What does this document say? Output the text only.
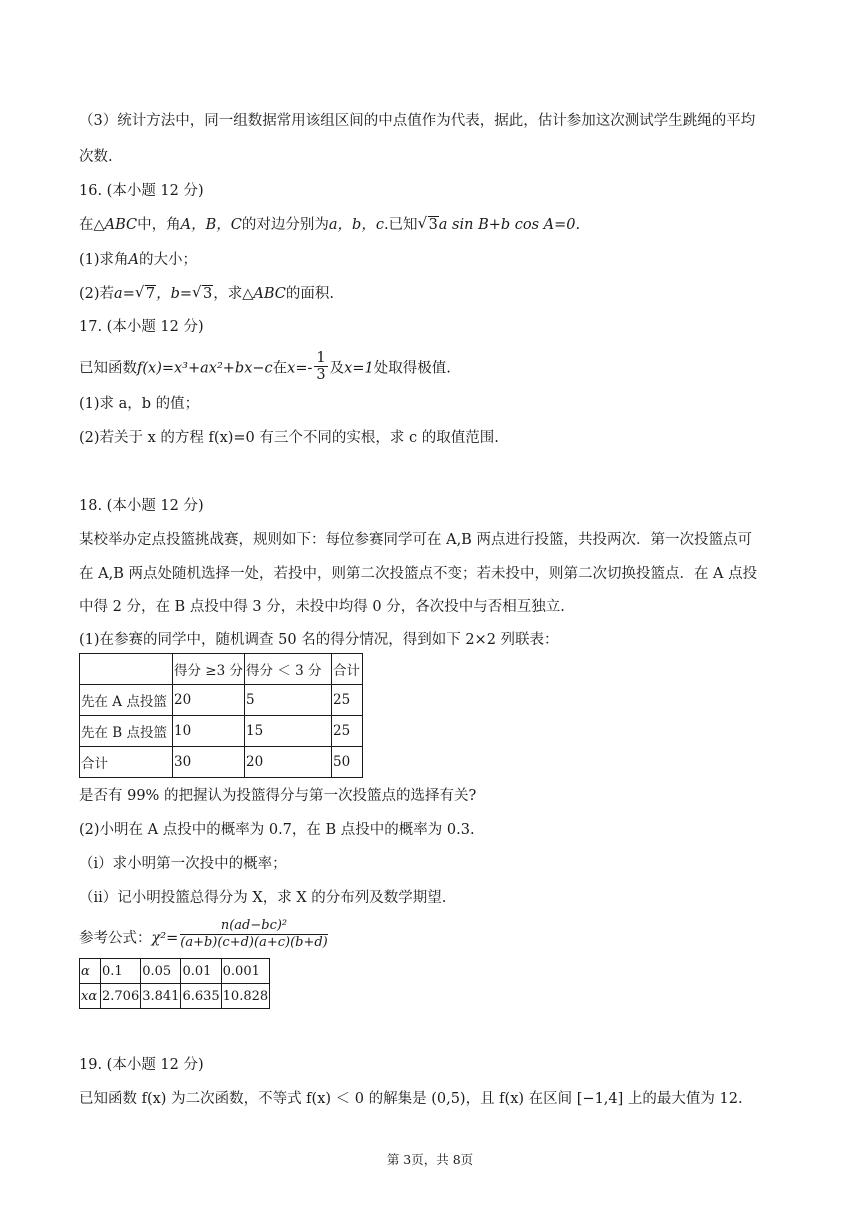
（3）统计方法中，同一组数据常用该组区间的中点值作为代表，据此，估计参加这次测试学生跳绳的平均
次数.
16. (本小题 12 分)
在△ABC中，角A，B，C的对边分别为a，b，c.已知 √ 3a sin B+b cos A=0.
(1)求角A的大小；
(2)若a= √ 7，b= √ 3，求△ABC的面积.
17. (本小题 12 分)
已知函数f(x)=x³+ax²+bx−c在$x=- \frac{1}{3}$ 及x=1处取得极值.
(1)求 a，b 的值；
(2)若关于 x 的方程 f(x)=0 有三个不同的实根，求 c 的取值范围.
18. (本小题 12 分)
某校举办定点投篮挑战赛，规则如下：每位参赛同学可在 A,B 两点进行投篮，共投两次．第一次投篮点可
在 A,B 两点处随机选择一处，若投中，则第二次投篮点不变；若未投中，则第二次切换投篮点．在 A 点投
中得 2 分，在 B 点投中得 3 分，未投中均得 0 分，各次投中与否相互独立.
(1)在参赛的同学中，随机调查 50 名的得分情况，得到如下 2×2 列联表：
	得分 ≥3 分	得分 ＜ 3 分	合计
先在 A 点投篮	20	5	25
先在 B 点投篮	10	15	25
合计	30	20	50
是否有 99% 的把握认为投篮得分与第一次投篮点的选择有关?
(2)小明在 A 点投中的概率为 0.7，在 B 点投中的概率为 0.3.
（i）求小明第一次投中的概率；
（ii）记小明投篮总得分为 X，求 X 的分布列及数学期望.
参考公式：$\chi^2= \frac{\text{n(ad−bc)²}}{(a+b)(c+d)(a+c)(b+d)}$
α	0.1	0.05	0.01	0.001
xα	2.706	3.841	6.635	10.828
19. (本小题 12 分)
已知函数 f(x) 为二次函数，不等式 f(x) ＜ 0 的解集是 (0,5)，且 f(x) 在区间 [−1,4] 上的最大值为 12.
第 3页，共 8页
